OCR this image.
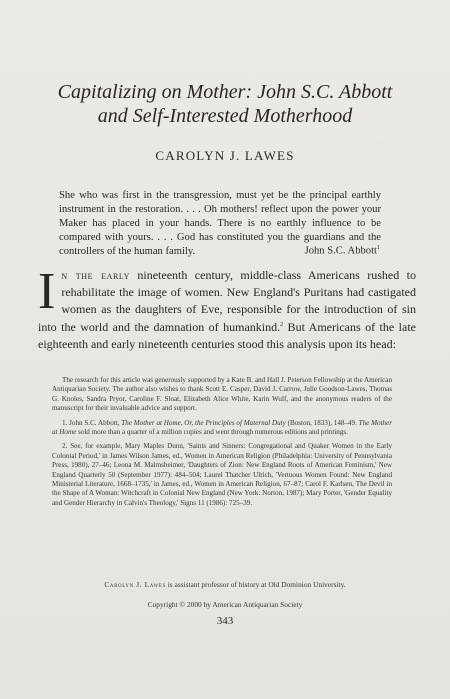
Capitalizing on Mother: John S.C. Abbott
and Self-Interested Motherhood

CAROLYN J. LAWES

She who was first in the transgression, must yet be the principal earthly instrument in the restoration. . . . Oh mothers! reflect upon the power your Maker has placed in your hands. There is no earthly influence to be compared with yours. . . . God has constituted you the guardians and the controllers of the human family.	John S.C. Abbott$^1$

In the early nineteenth century, middle-class Americans rushed to rehabilitate the image of women. New England's Puritans had castigated women as the daughters of Eve, responsible for the introduction of sin into the world and the damnation of humankind.$^2$ But Americans of the late eighteenth and early nineteenth centuries stood this analysis upon its head:

The research for this article was generously supported by a Kate B. and Hall J. Peterson Fellowship at the American Antiquarian Society. The author also wishes to thank Scott E. Casper, David J. Carrow, Julie Goodson-Lawes, Thomas G. Knoles, Sandra Pryor, Caroline F. Sloat, Elizabeth Alice White, Karin Wulf, and the anonymous readers of the manuscript for their invaluable advice and support.

1. John S.C. Abbott, The Mother at Home, Or, the Principles of Maternal Duty (Boston, 1833), 148–49. The Mother at Home sold more than a quarter of a million copies and went through numerous editions and printings.

2. See, for example, Mary Maples Dunn, 'Saints and Sinners: Congregational and Quaker Women in the Early Colonial Period,' in James Wilson James, ed., Women in American Religion (Philadelphia: University of Pennsylvania Press, 1980), 27–46; Leona M. Malmsheimer, 'Daughters of Zion: New England Roots of American Feminism,' New England Quarterly 50 (September 1977): 484–504; Laurel Thatcher Ulrich, 'Vertuous Women Found: New England Ministerial Literature, 1668–1735,' in James, ed., Women in American Religion, 67–87; Carol F. Karlsen, The Devil in the Shape of A Woman: Witchcraft in Colonial New England (New York: Norton, 1987); Mary Porter, 'Gender Equality and Gender Hierarchy in Calvin's Theology,' Signs 11 (1986): 725–39.

Carolyn J. Lawes is assistant professor of history at Old Dominion University.

Copyright © 2000 by American Antiquarian Society

343
